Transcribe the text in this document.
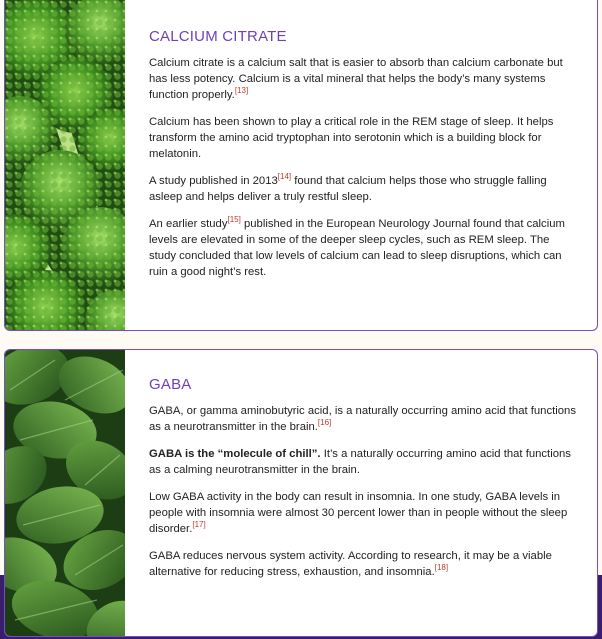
CALCIUM CITRATE

Calcium citrate is a calcium salt that is easier to absorb than calcium carbonate but has less potency. Calcium is a vital mineral that helps the body’s many systems function properly.[13]

Calcium has been shown to play a critical role in the REM stage of sleep. It helps transform the amino acid tryptophan into serotonin which is a building block for melatonin.

A study published in 2013[14] found that calcium helps those who struggle falling asleep and helps deliver a truly restful sleep.

An earlier study[15] published in the European Neurology Journal found that calcium levels are elevated in some of the deeper sleep cycles, such as REM sleep. The study concluded that low levels of calcium can lead to sleep disruptions, which can ruin a good night’s rest.

GABA

GABA, or gamma aminobutyric acid, is a naturally occurring amino acid that functions as a neurotransmitter in the brain.[16]

GABA is the “molecule of chill”. It’s a naturally occurring amino acid that functions as a calming neurotransmitter in the brain.

Low GABA activity in the body can result in insomnia. In one study, GABA levels in people with insomnia were almost 30 percent lower than in people without the sleep disorder.[17]

GABA reduces nervous system activity. According to research, it may be a viable alternative for reducing stress, exhaustion, and insomnia.[18]
